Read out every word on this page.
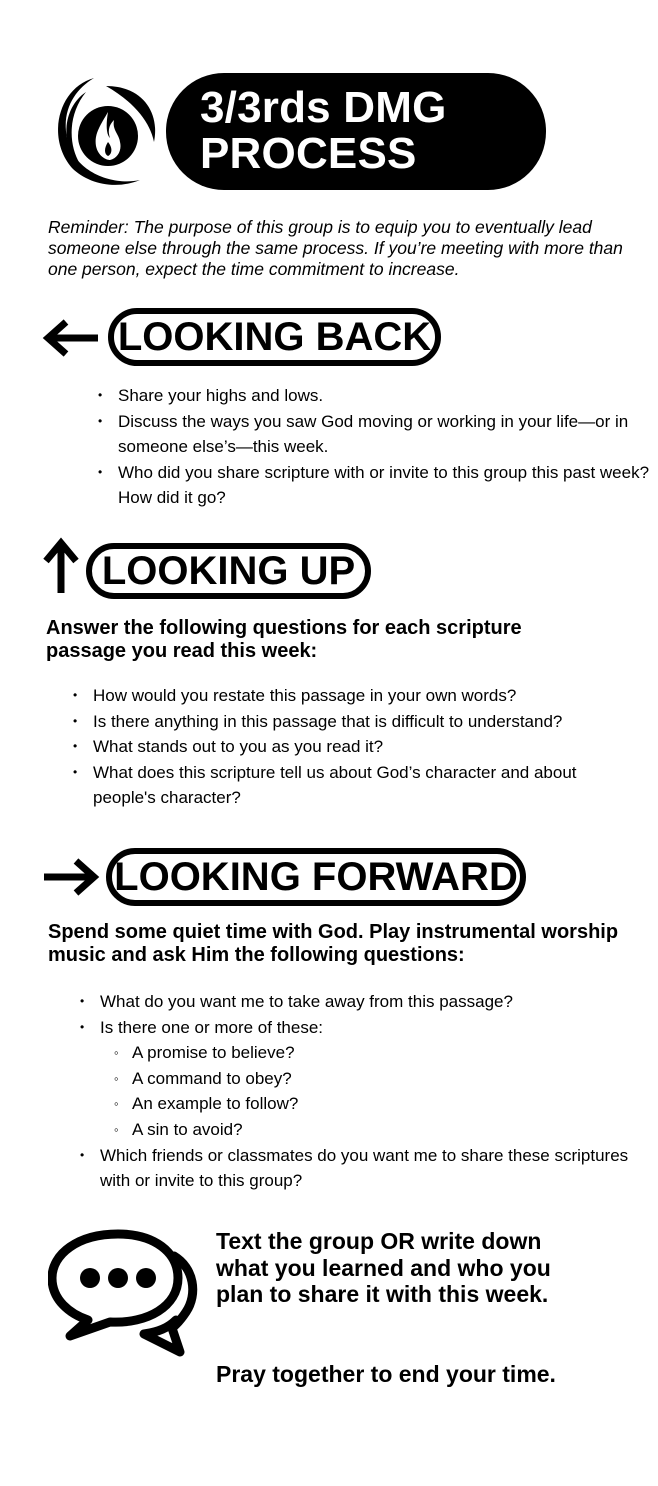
3/3rds DMG
PROCESS
Reminder: The purpose of this group is to equip you to eventually lead
someone else through the same process. If you’re meeting with more than
one person, expect the time commitment to increase.
LOOKING BACK
• Share your highs and lows.
• Discuss the ways you saw God moving or working in your life—or in someone else’s—this week.
• Who did you share scripture with or invite to this group this past week? How did it go?
LOOKING UP
Answer the following questions for each scripture passage you read this week:
• How would you restate this passage in your own words?
• Is there anything in this passage that is difficult to understand?
• What stands out to you as you read it?
• What does this scripture tell us about God’s character and about people's character?
LOOKING FORWARD
Spend some quiet time with God. Play instrumental worship music and ask Him the following questions:
• What do you want me to take away from this passage?
• Is there one or more of these:
◦ A promise to believe?
◦ A command to obey?
◦ An example to follow?
◦ A sin to avoid?
• Which friends or classmates do you want me to share these scriptures with or invite to this group?
Text the group OR write down what you learned and who you plan to share it with this week.
Pray together to end your time.
